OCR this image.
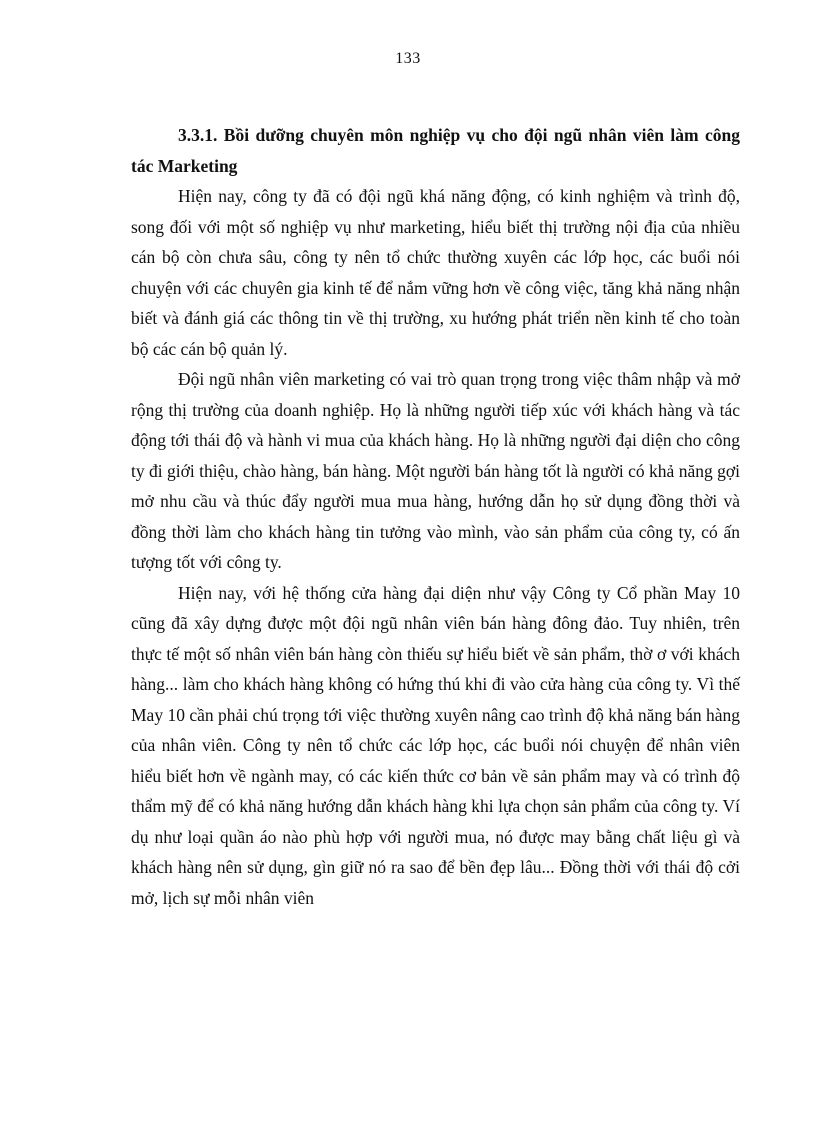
133

3.3.1. Bồi dưỡng chuyên môn nghiệp vụ cho đội ngũ nhân viên làm công tác Marketing

Hiện nay, công ty đã có đội ngũ khá năng động, có kinh nghiệm và trình độ, song đối với một số nghiệp vụ như marketing, hiểu biết thị trường nội địa của nhiều cán bộ còn chưa sâu, công ty nên tổ chức thường xuyên các lớp học, các buổi nói chuyện với các chuyên gia kinh tế để nắm vững hơn về công việc, tăng khả năng nhận biết và đánh giá các thông tin về thị trường, xu hướng phát triển nền kinh tế cho toàn bộ các cán bộ quản lý.

Đội ngũ nhân viên marketing có vai trò quan trọng trong việc thâm nhập và mở rộng thị trường của doanh nghiệp. Họ là những người tiếp xúc với khách hàng và tác động tới thái độ và hành vi mua của khách hàng. Họ là những người đại diện cho công ty đi giới thiệu, chào hàng, bán hàng. Một người bán hàng tốt là người có khả năng gợi mở nhu cầu và thúc đẩy người mua mua hàng, hướng dẫn họ sử dụng đồng thời và đồng thời làm cho khách hàng tin tưởng vào mình, vào sản phẩm của công ty, có ấn tượng tốt với công ty.

Hiện nay, với hệ thống cửa hàng đại diện như vậy Công ty Cổ phần May 10 cũng đã xây dựng được một đội ngũ nhân viên bán hàng đông đảo. Tuy nhiên, trên thực tế một số nhân viên bán hàng còn thiếu sự hiểu biết về sản phẩm, thờ ơ với khách hàng... làm cho khách hàng không có hứng thú khi đi vào cửa hàng của công ty. Vì thế May 10 cần phải chú trọng tới việc thường xuyên nâng cao trình độ khả năng bán hàng của nhân viên. Công ty nên tổ chức các lớp học, các buổi nói chuyện để nhân viên hiểu biết hơn về ngành may, có các kiến thức cơ bản về sản phẩm may và có trình độ thẩm mỹ để có khả năng hướng dẫn khách hàng khi lựa chọn sản phẩm của công ty. Ví dụ như loại quần áo nào phù hợp với người mua, nó được may bằng chất liệu gì và khách hàng nên sử dụng, gìn giữ nó ra sao để bền đẹp lâu... Đồng thời với thái độ cởi mở, lịch sự mỗi nhân viên
